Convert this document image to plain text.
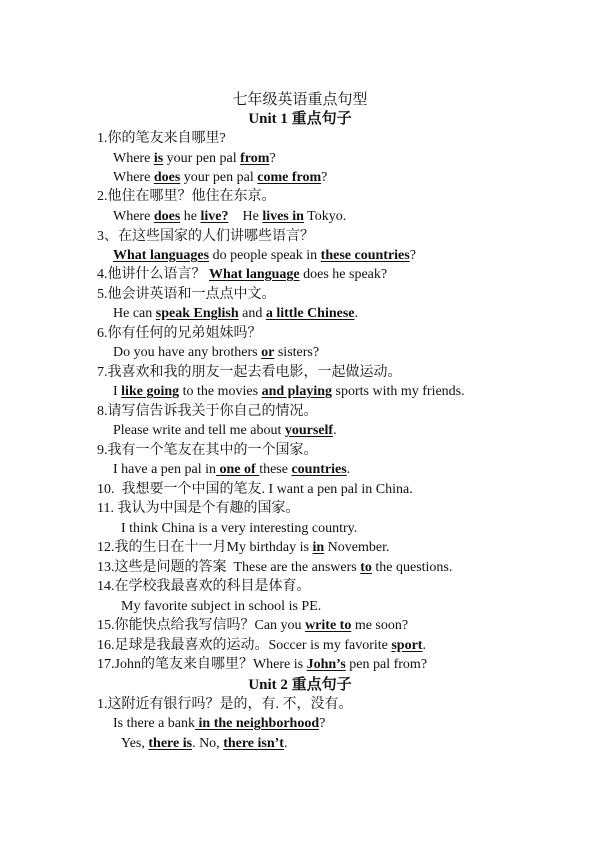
七年级英语重点句型
Unit 1 重点句子
1.你的笔友来自哪里?
Where is your pen pal from?
Where does your pen pal come from?
2.他住在哪里？他住在东京。
Where does he live?    He lives in Tokyo.
3、在这些国家的人们讲哪些语言？
What languages do people speak in these countries?
4.他讲什么语言？ What language does he speak?
5.他会讲英语和一点点中文。
He can speak English and a little Chinese.
6.你有任何的兄弟姐妹吗？
Do you have any brothers or sisters?
7.我喜欢和我的朋友一起去看电影，一起做运动。
I like going to the movies and playing sports with my friends.
8.请写信告诉我关于你自己的情况。
Please write and tell me about yourself.
9.我有一个笔友在其中的一个国家。
I have a pen pal in one of these countries.
10.  我想要一个中国的笔友. I want a pen pal in China.
11. 我认为中国是个有趣的国家。
I think China is a very interesting country.
12.我的生日在十一月My birthday is in November.
13.这些是问题的答案  These are the answers to the questions.
14.在学校我最喜欢的科目是体育。
My favorite subject in school is PE.
15.你能快点给我写信吗？Can you write to me soon?
16.足球是我最喜欢的运动。Soccer is my favorite sport.
17.John的笔友来自哪里？Where is John’s pen pal from?
Unit 2 重点句子
1.这附近有银行吗？是的，有. 不，没有。
Is there a bank in the neighborhood?
Yes, there is. No, there isn’t.
